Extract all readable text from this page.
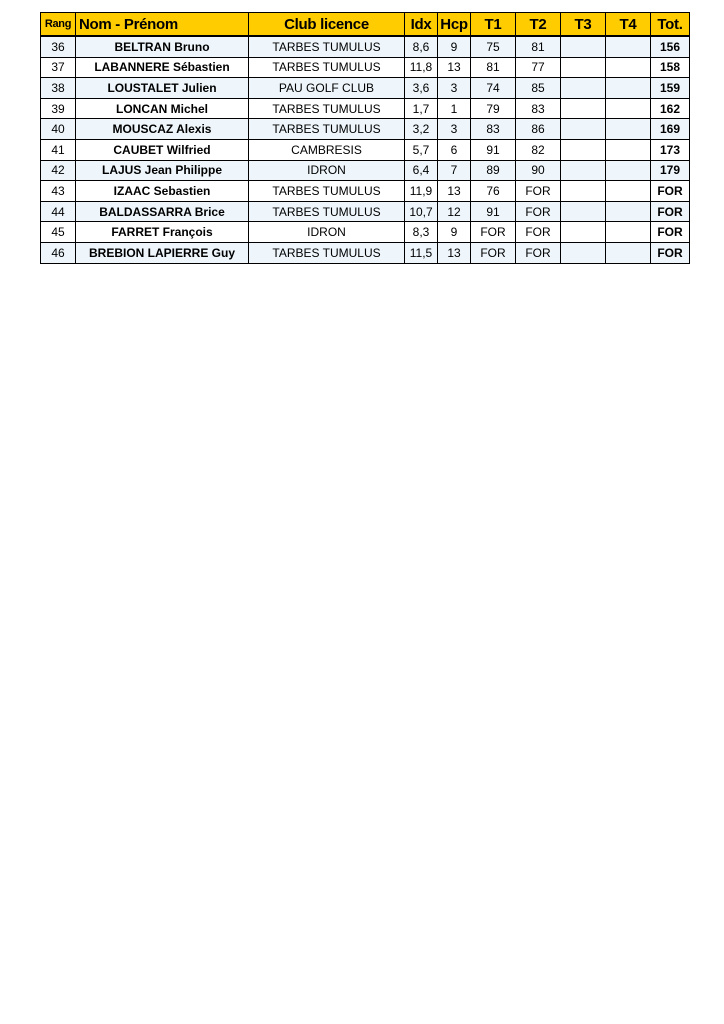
Rang	Nom - Prénom	Club licence	Idx	Hcp	T1	T2	T3	T4	Tot.
36	BELTRAN Bruno	TARBES TUMULUS	8,6	9	75	81			156
37	LABANNERE Sébastien	TARBES TUMULUS	11,8	13	81	77			158
38	LOUSTALET Julien	PAU GOLF CLUB	3,6	3	74	85			159
39	LONCAN Michel	TARBES TUMULUS	1,7	1	79	83			162
40	MOUSCAZ Alexis	TARBES TUMULUS	3,2	3	83	86			169
41	CAUBET Wilfried	CAMBRESIS	5,7	6	91	82			173
42	LAJUS Jean Philippe	IDRON	6,4	7	89	90			179
43	IZAAC Sebastien	TARBES TUMULUS	11,9	13	76	FOR			FOR
44	BALDASSARRA Brice	TARBES TUMULUS	10,7	12	91	FOR			FOR
45	FARRET François	IDRON	8,3	9	FOR	FOR			FOR
46	BREBION LAPIERRE Guy	TARBES TUMULUS	11,5	13	FOR	FOR			FOR
